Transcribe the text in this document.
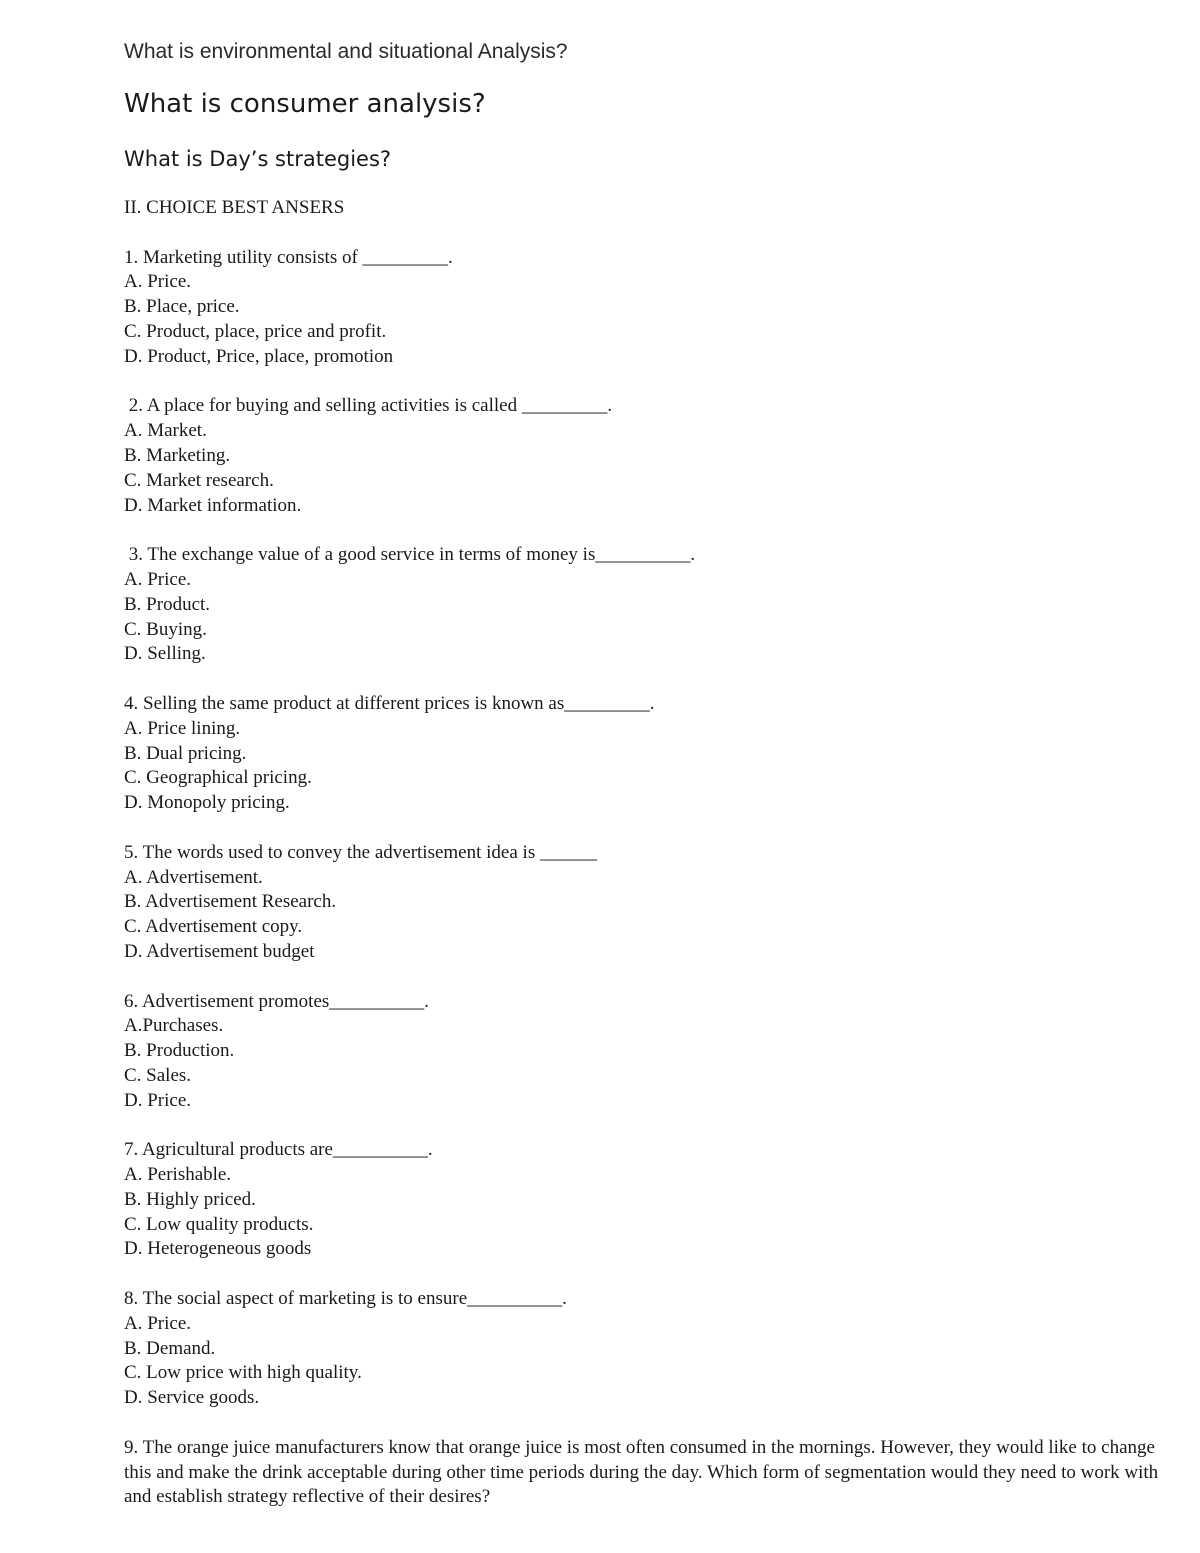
What is environmental and situational Analysis?
What is consumer analysis?
What is Day’s strategies?
II. CHOICE BEST ANSERS
1. Marketing utility consists of _________.
A. Price.
B. Place, price.
C. Product, place, price and profit.
D. Product, Price, place, promotion
2. A place for buying and selling activities is called _________.
A. Market.
B. Marketing.
C. Market research.
D. Market information.
3. The exchange value of a good service in terms of money is__________.
A. Price.
B. Product.
C. Buying.
D. Selling.
4. Selling the same product at different prices is known as_________.
A. Price lining.
B. Dual pricing.
C. Geographical pricing.
D. Monopoly pricing.
5. The words used to convey the advertisement idea is ______
A. Advertisement.
B. Advertisement Research.
C. Advertisement copy.
D. Advertisement budget
6. Advertisement promotes__________.
A.Purchases.
B. Production.
C. Sales.
D. Price.
7. Agricultural products are__________.
A. Perishable.
B. Highly priced.
C. Low quality products.
D. Heterogeneous goods
8. The social aspect of marketing is to ensure__________.
A. Price.
B. Demand.
C. Low price with high quality.
D. Service goods.
9. The orange juice manufacturers know that orange juice is most often consumed in the mornings. However, they would like to change this and make the drink acceptable during other time periods during the day. Which form of segmentation would they need to work with and establish strategy reflective of their desires?
